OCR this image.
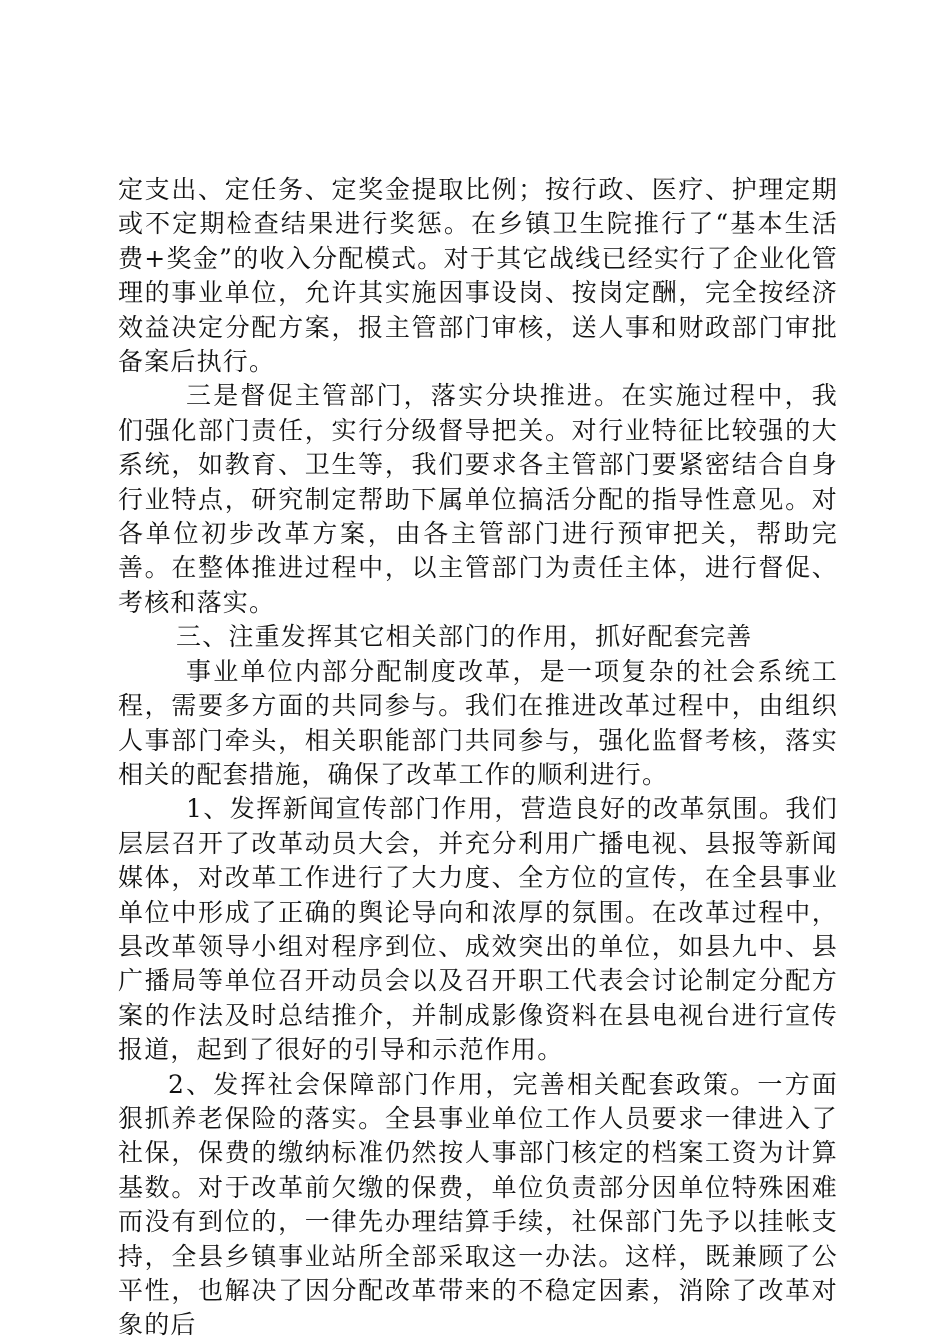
定支出、定任务、定奖金提取比例；按行政、医疗、护理定期或不定期检查结果进行奖惩。在乡镇卫生院推行了“基本生活费+奖金”的收入分配模式。对于其它战线已经实行了企业化管理的事业单位，允许其实施因事设岗、按岗定酬，完全按经济效益决定分配方案，报主管部门审核，送人事和财政部门审批备案后执行。

三是督促主管部门，落实分块推进。在实施过程中，我们强化部门责任，实行分级督导把关。对行业特征比较强的大系统，如教育、卫生等，我们要求各主管部门要紧密结合自身行业特点，研究制定帮助下属单位搞活分配的指导性意见。对各单位初步改革方案，由各主管部门进行预审把关，帮助完善。在整体推进过程中，以主管部门为责任主体，进行督促、考核和落实。

三、注重发挥其它相关部门的作用，抓好配套完善

事业单位内部分配制度改革，是一项复杂的社会系统工程，需要多方面的共同参与。我们在推进改革过程中，由组织人事部门牵头，相关职能部门共同参与，强化监督考核，落实相关的配套措施，确保了改革工作的顺利进行。

1、发挥新闻宣传部门作用，营造良好的改革氛围。我们层层召开了改革动员大会，并充分利用广播电视、县报等新闻媒体，对改革工作进行了大力度、全方位的宣传，在全县事业单位中形成了正确的舆论导向和浓厚的氛围。在改革过程中，县改革领导小组对程序到位、成效突出的单位，如县九中、县广播局等单位召开动员会以及召开职工代表会讨论制定分配方案的作法及时总结推介，并制成影像资料在县电视台进行宣传报道，起到了很好的引导和示范作用。

2、发挥社会保障部门作用，完善相关配套政策。一方面狠抓养老保险的落实。全县事业单位工作人员要求一律进入了社保，保费的缴纳标准仍然按人事部门核定的档案工资为计算基数。对于改革前欠缴的保费，单位负责部分因单位特殊困难而没有到位的，一律先办理结算手续，社保部门先予以挂帐支持，全县乡镇事业站所全部采取这一办法。这样，既兼顾了公平性，也解决了因分配改革带来的不稳定因素，消除了改革对象的后
